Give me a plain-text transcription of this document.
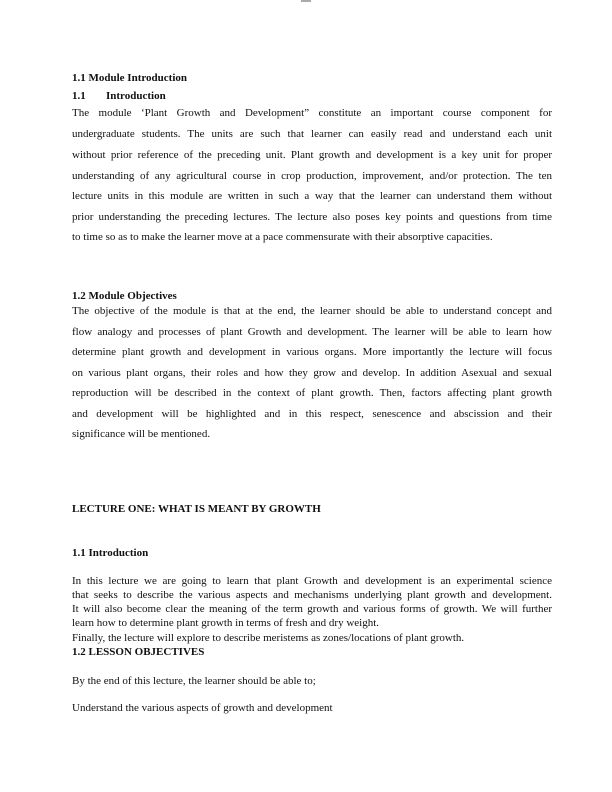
1.1 Module Introduction
1.1 Introduction
The module ‘Plant Growth and Development” constitute an important course component for
undergraduate students. The units are such that learner can easily read and understand each unit
without prior reference of the preceding unit. Plant growth and development is a key unit for proper
understanding of any agricultural course in crop production, improvement, and/or protection. The ten
lecture units in this module are written in such a way that the learner can understand them without
prior understanding the preceding lectures. The lecture also poses key points and questions from time
to time so as to make the learner move at a pace commensurate with their absorptive capacities.
1.2 Module Objectives
The objective of the module is that at the end, the learner should be able to understand concept and
flow analogy and processes of plant Growth and development. The learner will be able to learn how
determine plant growth and development in various organs. More importantly the lecture will focus
on various plant organs, their roles and how they grow and develop. In addition Asexual and sexual
reproduction will be described in the context of plant growth. Then, factors affecting plant growth
and development will be highlighted and in this respect, senescence and abscission and their
significance will be mentioned.
LECTURE ONE: WHAT IS MEANT BY GROWTH
1.1 Introduction
In this lecture we are going to learn that plant Growth and development is an experimental science
that seeks to describe the various aspects and mechanisms underlying plant growth and development.
It will also become clear the meaning of the term growth and various forms of growth. We will further
learn how to determine plant growth in terms of fresh and dry weight.
Finally, the lecture will explore to describe meristems as zones/locations of plant growth.
1.2 LESSON OBJECTIVES
By the end of this lecture, the learner should be able to;
Understand the various aspects of growth and development
